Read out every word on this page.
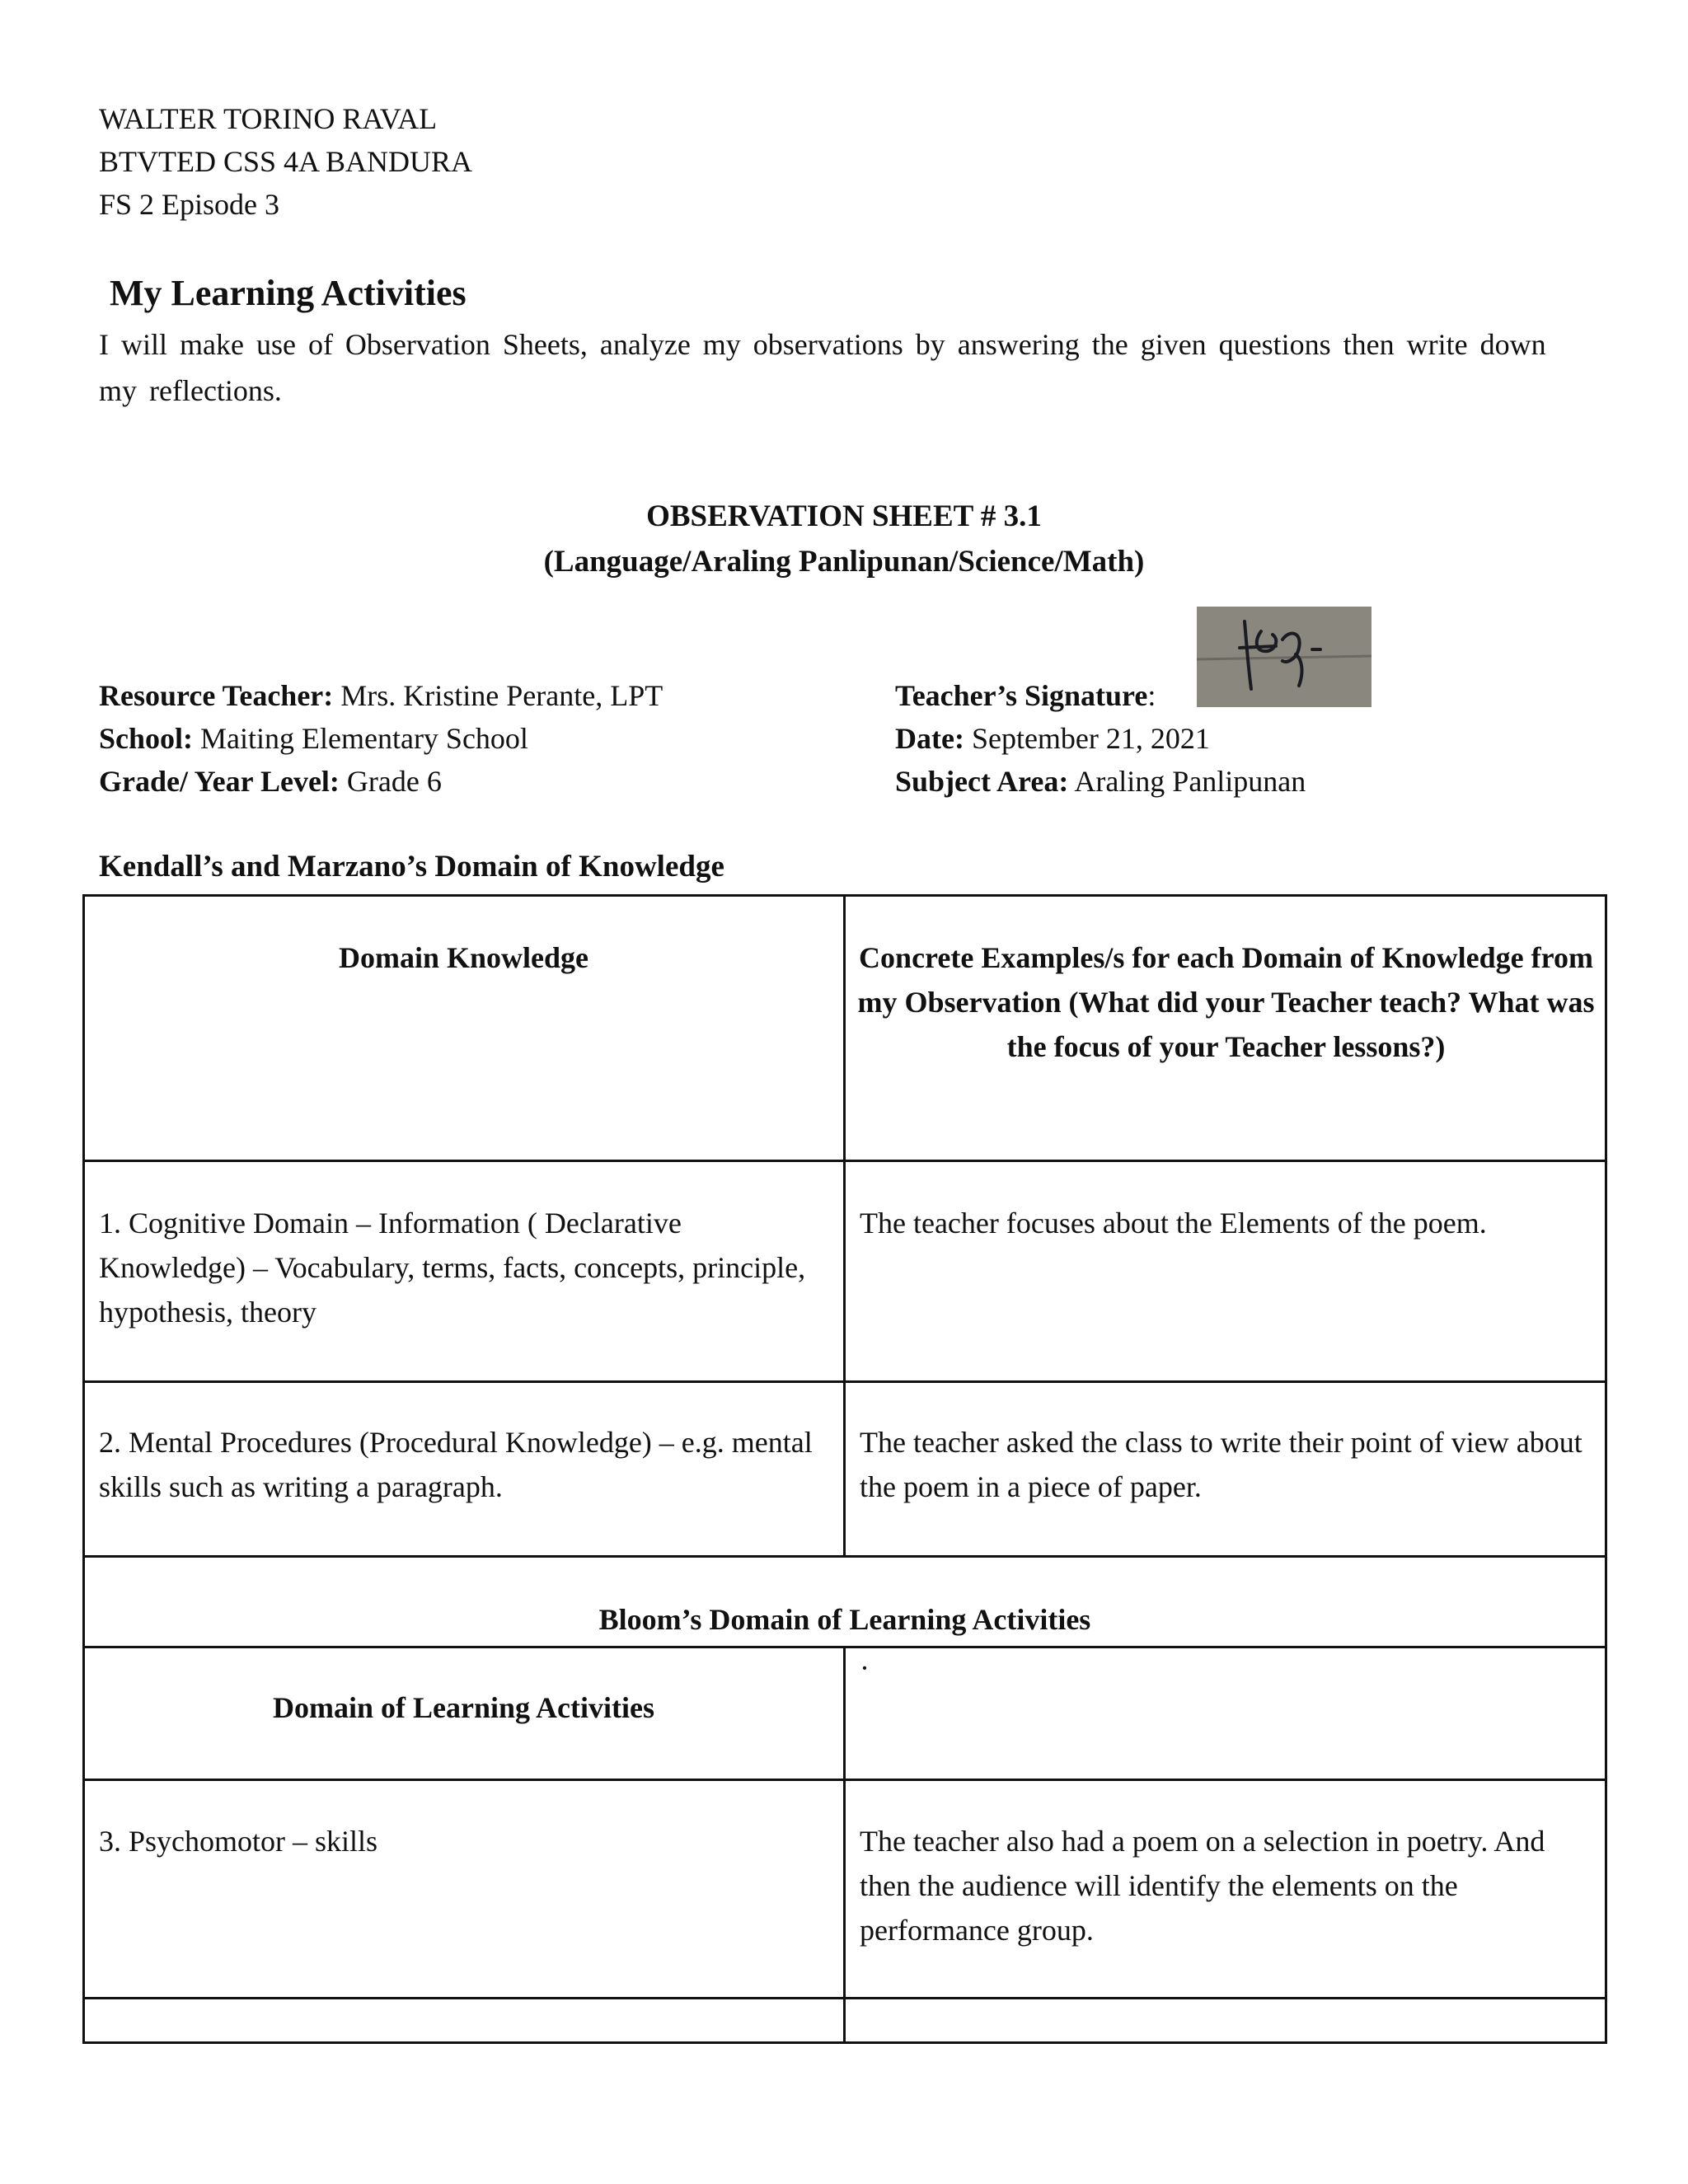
WALTER TORINO RAVAL
BTVTED CSS 4A BANDURA
FS 2 Episode 3
My Learning Activities
I will make use of Observation Sheets, analyze my observations by answering the given questions then write down my reflections.
OBSERVATION SHEET # 3.1
(Language/Araling Panlipunan/Science/Math)
Resource Teacher: Mrs. Kristine Perante, LPT
School: Maiting Elementary School
Grade/ Year Level: Grade 6
Teacher’s Signature:
Date: September 21, 2021
Subject Area: Araling Panlipunan
Kendall’s and Marzano’s Domain of Knowledge
Domain Knowledge	Concrete Examples/s for each Domain of Knowledge from my Observation (What did your Teacher teach? What was the focus of your Teacher lessons?)
1. Cognitive Domain – Information ( Declarative Knowledge) – Vocabulary, terms, facts, concepts, principle, hypothesis, theory
The teacher focuses about the Elements of the poem.
2. Mental Procedures (Procedural Knowledge) – e.g. mental skills such as writing a paragraph.
The teacher asked the class to write their point of view about the poem in a piece of paper.
Bloom’s Domain of Learning Activities
Domain of Learning Activities
·
3. Psychomotor – skills	The teacher also had a poem on a selection in poetry. And then the audience will identify the elements on the performance group.
